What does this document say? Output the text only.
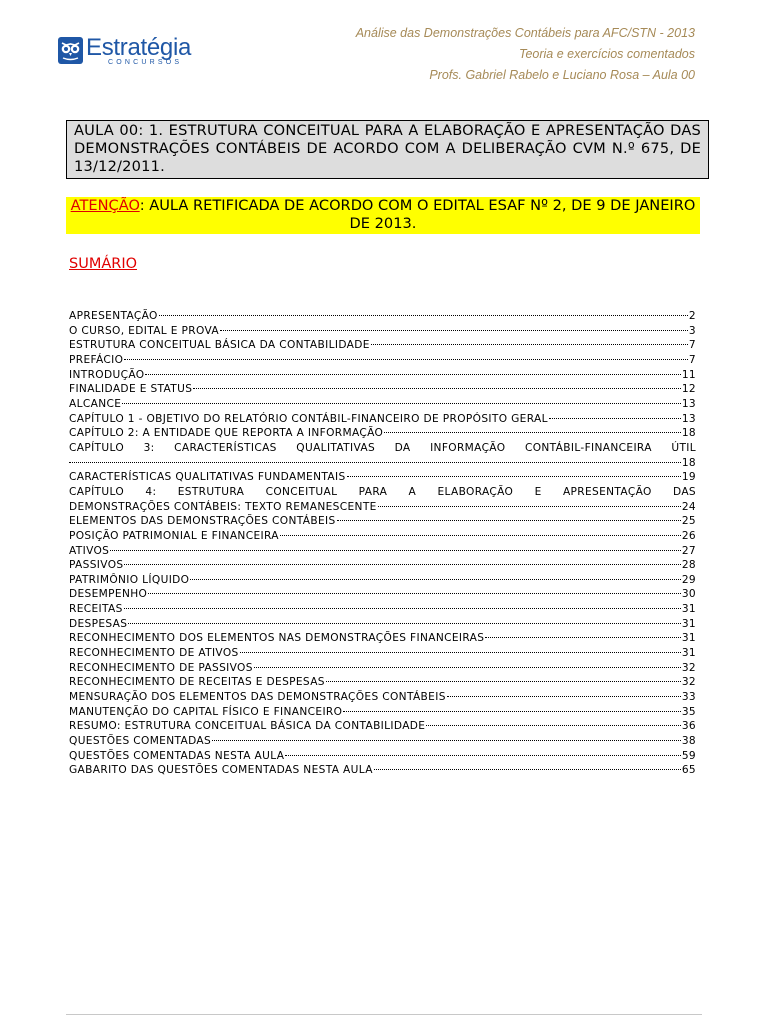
Estratégia
CONCURSOS
Análise das Demonstrações Contábeis para AFC/STN - 2013
Teoria e exercícios comentados
Profs. Gabriel Rabelo e Luciano Rosa – Aula 00
AULA 00: 1. ESTRUTURA CONCEITUAL PARA A ELABORAÇÃO E APRESENTAÇÃO DAS DEMONSTRAÇÕES CONTÁBEIS DE ACORDO COM A DELIBERAÇÃO CVM N.º 675, DE 13/12/2011.
ATENÇÃO: AULA RETIFICADA DE ACORDO COM O EDITAL ESAF Nº 2, DE 9 DE JANEIRO DE 2013.
SUMÁRIO
APRESENTAÇÃO	2
O CURSO, EDITAL E PROVA	3
ESTRUTURA CONCEITUAL BÁSICA DA CONTABILIDADE	7
PREFÁCIO	7
INTRODUÇÃO	11
FINALIDADE E STATUS	12
ALCANCE	13
CAPÍTULO 1 - OBJETIVO DO RELATÓRIO CONTÁBIL-FINANCEIRO DE PROPÓSITO GERAL	13
CAPÍTULO 2: A ENTIDADE QUE REPORTA A INFORMAÇÃO	18
CAPÍTULO 3: CARACTERÍSTICAS QUALITATIVAS DA INFORMAÇÃO CONTÁBIL-FINANCEIRA ÚTIL
18
CARACTERÍSTICAS QUALITATIVAS FUNDAMENTAIS	19
CAPÍTULO 4: ESTRUTURA CONCEITUAL PARA A ELABORAÇÃO E APRESENTAÇÃO DAS
DEMONSTRAÇÕES CONTÁBEIS: TEXTO REMANESCENTE	24
ELEMENTOS DAS DEMONSTRAÇÕES CONTÁBEIS	25
POSIÇÃO PATRIMONIAL E FINANCEIRA	26
ATIVOS	27
PASSIVOS	28
PATRIMÔNIO LÍQUIDO	29
DESEMPENHO	30
RECEITAS	31
DESPESAS	31
RECONHECIMENTO DOS ELEMENTOS NAS DEMONSTRAÇÕES FINANCEIRAS	31
RECONHECIMENTO DE ATIVOS	31
RECONHECIMENTO DE PASSIVOS	32
RECONHECIMENTO DE RECEITAS E DESPESAS	32
MENSURAÇÃO DOS ELEMENTOS DAS DEMONSTRAÇÕES CONTÁBEIS	33
MANUTENÇÃO DO CAPITAL FÍSICO E FINANCEIRO	35
RESUMO: ESTRUTURA CONCEITUAL BÁSICA DA CONTABILIDADE	36
QUESTÕES COMENTADAS	38
QUESTÕES COMENTADAS NESTA AULA	59
GABARITO DAS QUESTÕES COMENTADAS NESTA AULA	65
